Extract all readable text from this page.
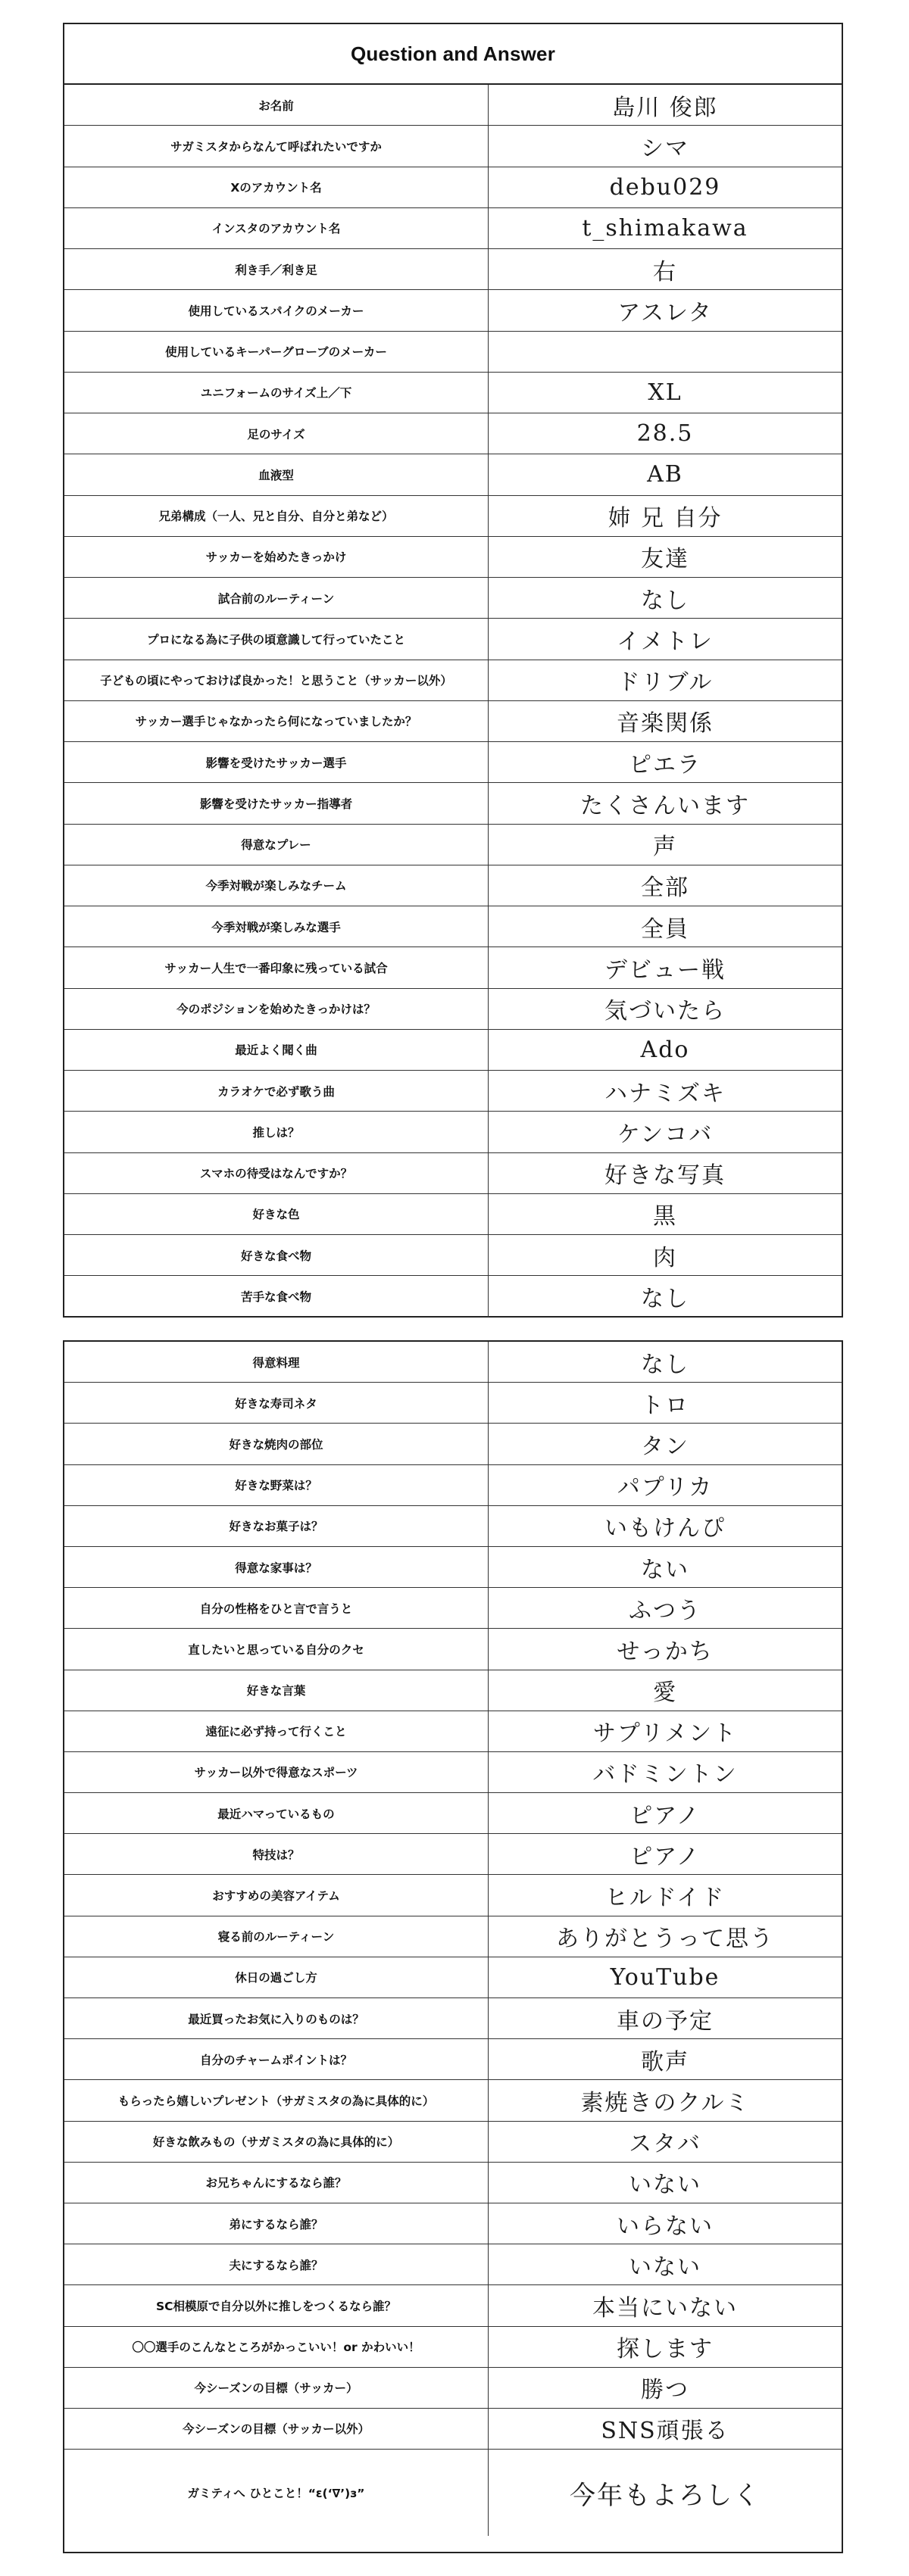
Question and Answer
お名前	島川 俊郎
サガミスタからなんて呼ばれたいですか	シマ
Xのアカウント名	debu029
インスタのアカウント名	t_shimakawa
利き手／利き足	右
使用しているスパイクのメーカー	アスレタ
使用しているキーパーグローブのメーカー
ユニフォームのサイズ上／下	XL
足のサイズ	28.5
血液型	AB
兄弟構成（一人、兄と自分、自分と弟など）	姉 兄 自分
サッカーを始めたきっかけ	友達
試合前のルーティーン	なし
プロになる為に子供の頃意識して行っていたこと	イメトレ
子どもの頃にやっておけば良かった！と思うこと（サッカー以外）	ドリブル
サッカー選手じゃなかったら何になっていましたか？	音楽関係
影響を受けたサッカー選手	ピエラ
影響を受けたサッカー指導者	たくさんいます
得意なプレー	声
今季対戦が楽しみなチーム	全部
今季対戦が楽しみな選手	全員
サッカー人生で一番印象に残っている試合	デビュー戦
今のポジションを始めたきっかけは？	気づいたら
最近よく聞く曲	Ado
カラオケで必ず歌う曲	ハナミズキ
推しは？	ケンコバ
スマホの待受はなんですか？	好きな写真
好きな色	黒
好きな食べ物	肉
苦手な食べ物	なし
得意料理	なし
好きな寿司ネタ	トロ
好きな焼肉の部位	タン
好きな野菜は？	パプリカ
好きなお菓子は？	いもけんぴ
得意な家事は？	ない
自分の性格をひと言で言うと	ふつう
直したいと思っている自分のクセ	せっかち
好きな言葉	愛
遠征に必ず持って行くこと	サプリメント
サッカー以外で得意なスポーツ	バドミントン
最近ハマっているもの	ピアノ
特技は？	ピアノ
おすすめの美容アイテム	ヒルドイド
寝る前のルーティーン	ありがとうって思う
休日の過ごし方	YouTube
最近買ったお気に入りのものは？	車の予定
自分のチャームポイントは？	歌声
もらったら嬉しいプレゼント（サガミスタの為に具体的に）	素焼きのクルミ
好きな飲みもの（サガミスタの為に具体的に）	スタバ
お兄ちゃんにするなら誰？	いない
弟にするなら誰？	いらない
夫にするなら誰？	いない
SC相模原で自分以外に推しをつくるなら誰？	本当にいない
〇〇選手のこんなところがかっこいい！or かわいい！	探します
今シーズンの目標（サッカー）	勝つ
今シーズンの目標（サッカー以外）	SNS頑張る
ガミティへ ひとこと！“ε(‘∇’)з”	今年もよろしく
